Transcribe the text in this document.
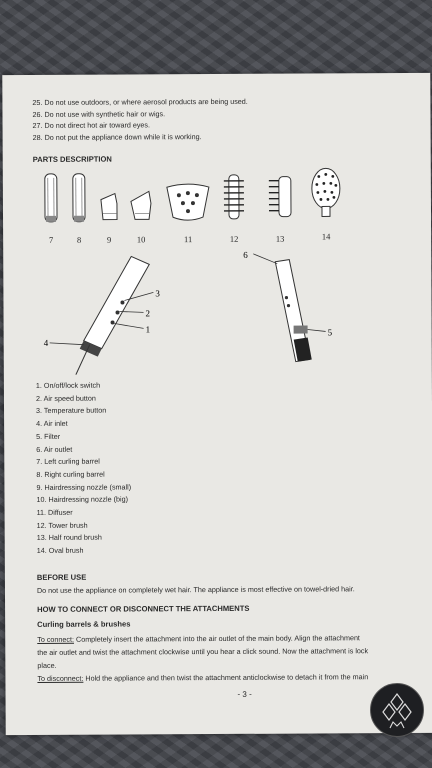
25. Do not use outdoors, or where aerosol products are being used.
26. Do not use with synthetic hair or wigs.
27. Do not direct hot air toward eyes.
28. Do not put the appliance down while it is working.
PARTS DESCRIPTION
7	8	9	10	11	12	13	14
3
2
1
4
6
5
1. On/off/lock switch
2. Air speed button
3. Temperature button
4. Air inlet
5. Filter
6. Air outlet
7. Left curling barrel
8. Right curling barrel
9. Hairdressing nozzle (small)
10. Hairdressing nozzle (big)
11. Diffuser
12. Tower brush
13. Half round brush
14. Oval brush
BEFORE USE
Do not use the appliance on completely wet hair. The appliance is most effective on towel-dried hair.
HOW TO CONNECT OR DISCONNECT THE ATTACHMENTS
Curling barrels & brushes
To connect: Completely insert the attachment into the air outlet of the main body. Align the attachment
the air outlet and twist the attachment clockwise until you hear a click sound. Now the attachment is lock
place.
To disconnect: Hold the appliance and then twist the attachment anticlockwise to detach it from the main
- 3 -
